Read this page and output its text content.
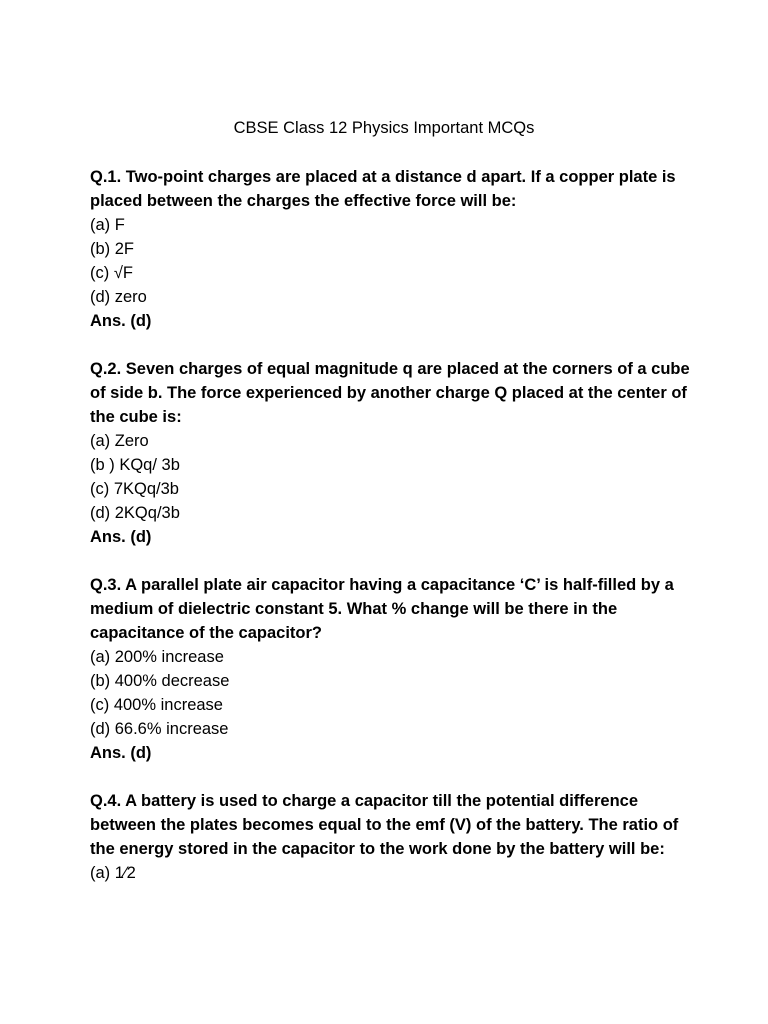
CBSE Class 12 Physics Important MCQs

Q.1. Two-point charges are placed at a distance d apart. If a copper plate is placed between the charges the effective force will be:

(a) F

(b) 2F

(c) √F

(d) zero

Ans. (d)

Q.2. Seven charges of equal magnitude q are placed at the corners of a cube of side b. The force experienced by another charge Q placed at the center of the cube is:

(a) Zero

(b ) KQq/ 3b

(c) 7KQq/3b

(d) 2KQq/3b

Ans. (d)

Q.3. A parallel plate air capacitor having a capacitance ‘C’ is half-filled by a medium of dielectric constant 5. What % change will be there in the capacitance of the capacitor?

(a) 200% increase

(b) 400% decrease

(c) 400% increase

(d) 66.6% increase

Ans. (d)

Q.4. A battery is used to charge a capacitor till the potential difference between the plates becomes equal to the emf (V) of the battery. The ratio of the energy stored in the capacitor to the work done by the battery will be:

(a) 1⁄2
